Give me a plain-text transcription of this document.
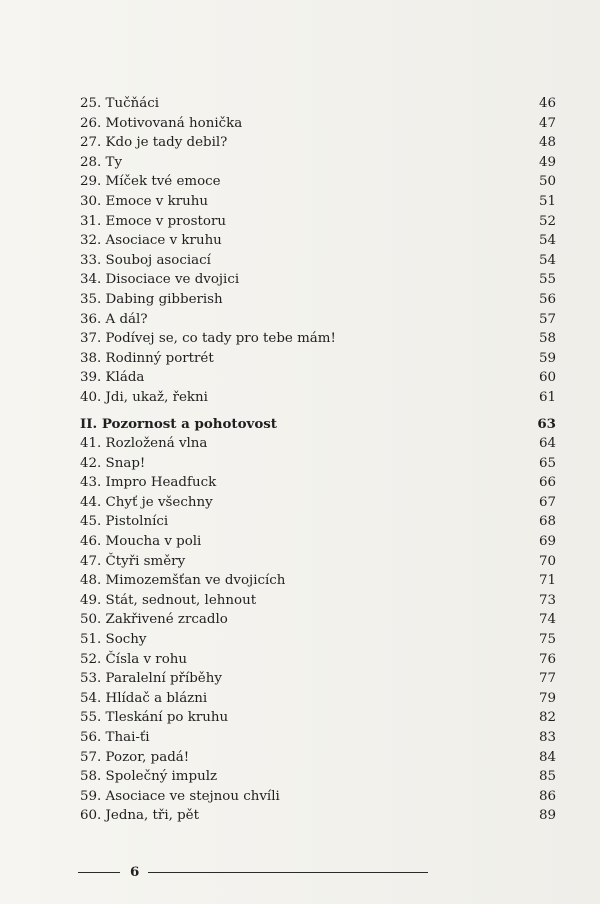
25. Tučňáci	46
26. Motivovaná honička	47
27. Kdo je tady debil?	48
28. Ty	49
29. Míček tvé emoce	50
30. Emoce v kruhu	51
31. Emoce v prostoru	52
32. Asociace v kruhu	54
33. Souboj asociací	54
34. Disociace ve dvojici	55
35. Dabing gibberish	56
36. A dál?	57
37. Podívej se, co tady pro tebe mám!	58
38. Rodinný portrét	59
39. Kláda	60
40. Jdi, ukaž, řekni	61
II. Pozornost a pohotovost	63
41. Rozložená vlna	64
42. Snap!	65
43. Impro Headfuck	66
44. Chyť je všechny	67
45. Pistolníci	68
46. Moucha v poli	69
47. Čtyři směry	70
48. Mimozemšťan ve dvojicích	71
49. Stát, sednout, lehnout	73
50. Zakřivené zrcadlo	74
51. Sochy	75
52. Čísla v rohu	76
53. Paralelní příběhy	77
54. Hlídač a blázni	79
55. Tleskání po kruhu	82
56. Thai-ťi	83
57. Pozor, padá!	84
58. Společný impulz	85
59. Asociace ve stejnou chvíli	86
60. Jedna, tři, pět	89
6
